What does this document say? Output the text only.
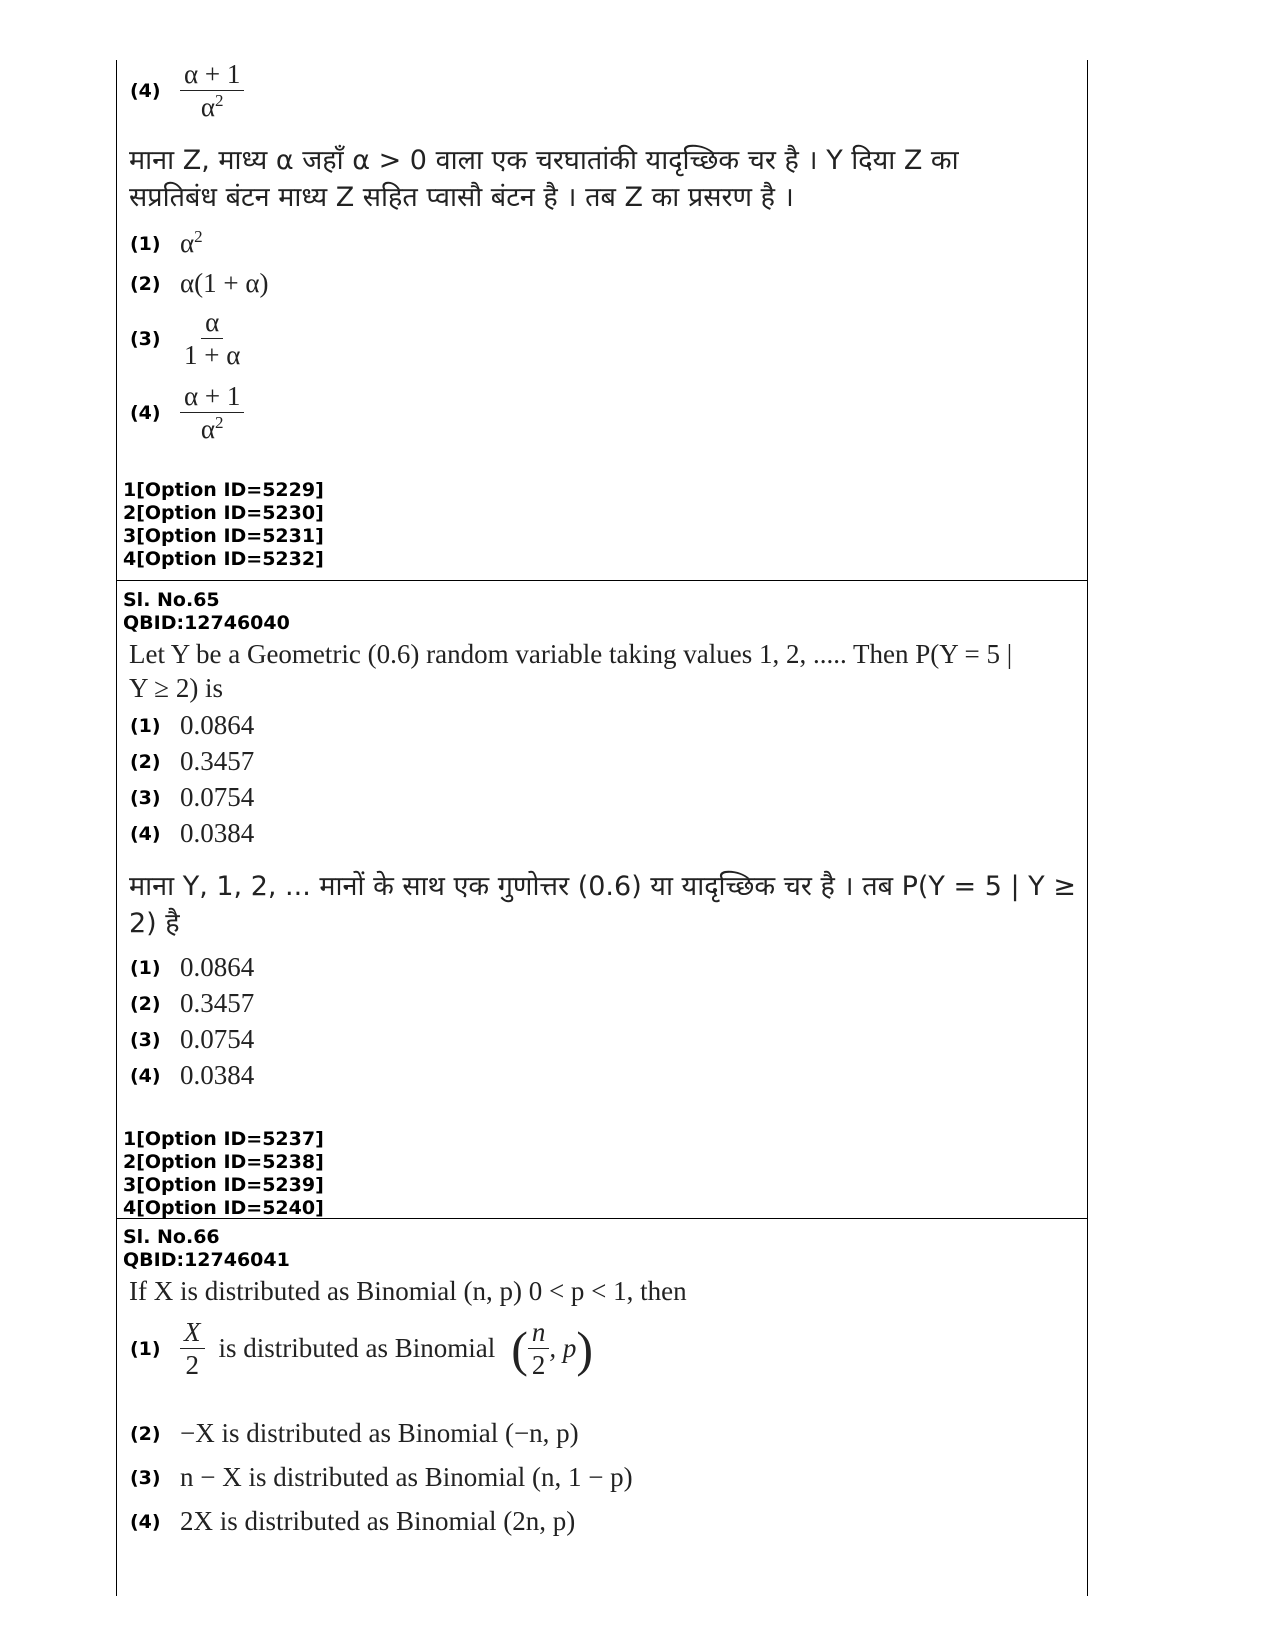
$(4) \frac{\alpha + 1}{\alpha^2}$
माना Z, माध्य α जहाँ α > 0 वाला एक चरघातांकी यादृच्छिक चर है । Y दिया Z का
सप्रतिबंध बंटन माध्य Z सहित प्वासौ बंटन है । तब Z का प्रसरण है ।
(1) $\alpha^2$
(2) α(1 + α)
$(3) \frac{\alpha}{1 + \alpha}$
$(4) \frac{\alpha + 1}{\alpha^2}$
1[Option ID=5229]
2[Option ID=5230]
3[Option ID=5231]
4[Option ID=5232]
Sl. No.65
QBID:12746040
Let Y be a Geometric (0.6) random variable taking values 1, 2, ..... Then P(Y = 5 |
Y ≥ 2) is
(1) 0.0864
(2) 0.3457
(3) 0.0754
(4) 0.0384
माना Y, 1, 2, ... मानों के साथ एक गुणोत्तर (0.6) या यादृच्छिक चर है । तब P(Y = 5 | Y ≥
2) है
(1) 0.0864
(2) 0.3457
(3) 0.0754
(4) 0.0384
1[Option ID=5237]
2[Option ID=5238]
3[Option ID=5239]
4[Option ID=5240]
Sl. No.66
QBID:12746041
If X is distributed as Binomial (n, p) 0 < p < 1, then
$(1) \frac{X}{2}$ is distributed as Binomial ( $\frac{n}{2}$ , p )
(2) −X is distributed as Binomial (−n, p)
(3) n − X is distributed as Binomial (n, 1 − p)
(4) 2X is distributed as Binomial (2n, p)
